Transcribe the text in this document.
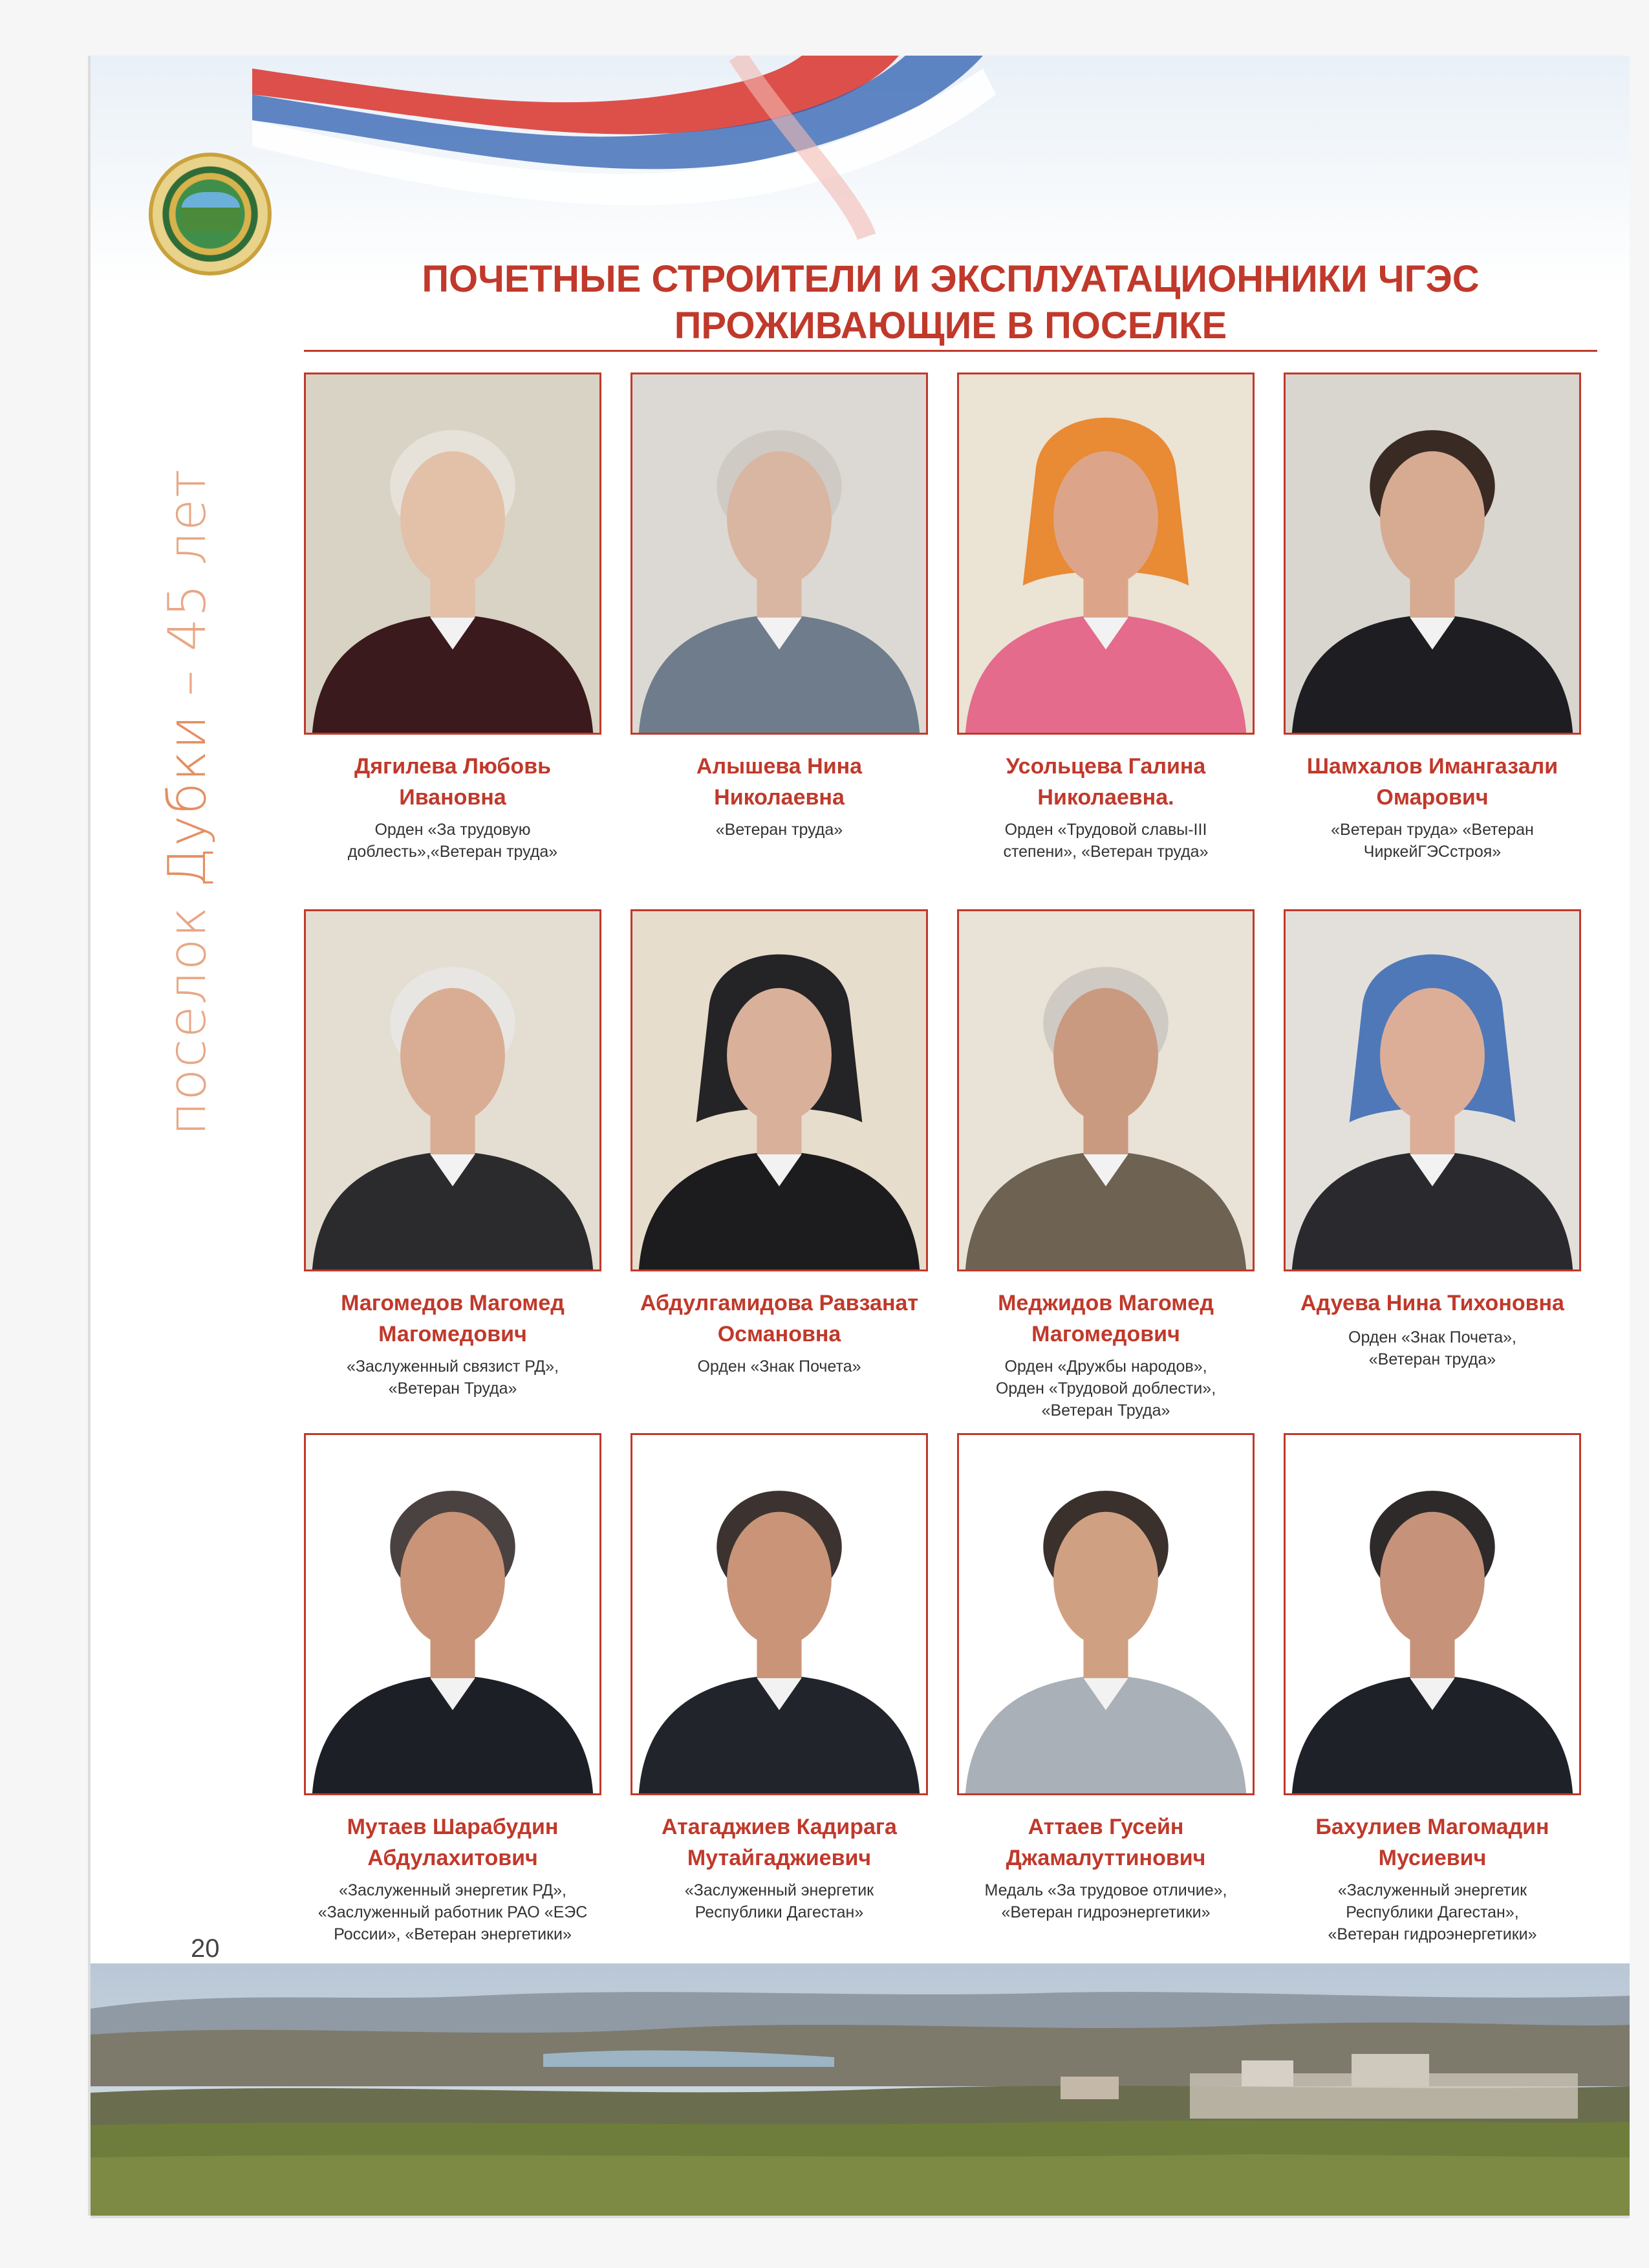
поселок Дубки – 45 лет
ПОЧЕТНЫЕ СТРОИТЕЛИ И ЭКСПЛУАТАЦИОННИКИ ЧГЭС
ПРОЖИВАЮЩИЕ В ПОСЕЛКЕ
Дягилева Любовь
Ивановна
Орден «За трудовую
доблесть»,«Ветеран труда»
Алышева Нина
Николаевна
«Ветеран труда»
Усольцева Галина
Николаевна.
Орден «Трудовой славы-III
степени», «Ветеран труда»
Шамхалов Имангазали
Омарович
«Ветеран труда» «Ветеран
ЧиркейГЭСстроя»
Магомедов Магомед
Магомедович
«Заслуженный связист РД»,
«Ветеран Труда»
Абдулгамидова Равзанат
Османовна
Орден «Знак Почета»
Меджидов Магомед
Магомедович
Орден «Дружбы народов»,
Орден «Трудовой доблести»,
«Ветеран Труда»
Адуева Нина Тихоновна
Орден «Знак Почета»,
«Ветеран труда»
Мутаев Шарабудин
Абдулахитович
«Заслуженный энергетик РД»,
«Заслуженный работник РАО «ЕЭС
России», «Ветеран энергетики»
Атагаджиев Кадирага
Мутайгаджиевич
«Заслуженный энергетик
Республики Дагестан»
Аттаев Гусейн
Джамалуттинович
Медаль «За трудовое отличие»,
«Ветеран гидроэнергетики»
Бахулиев Магомадин
Мусиевич
«Заслуженный энергетик
Республики Дагестан»,
«Ветеран гидроэнергетики»
20
